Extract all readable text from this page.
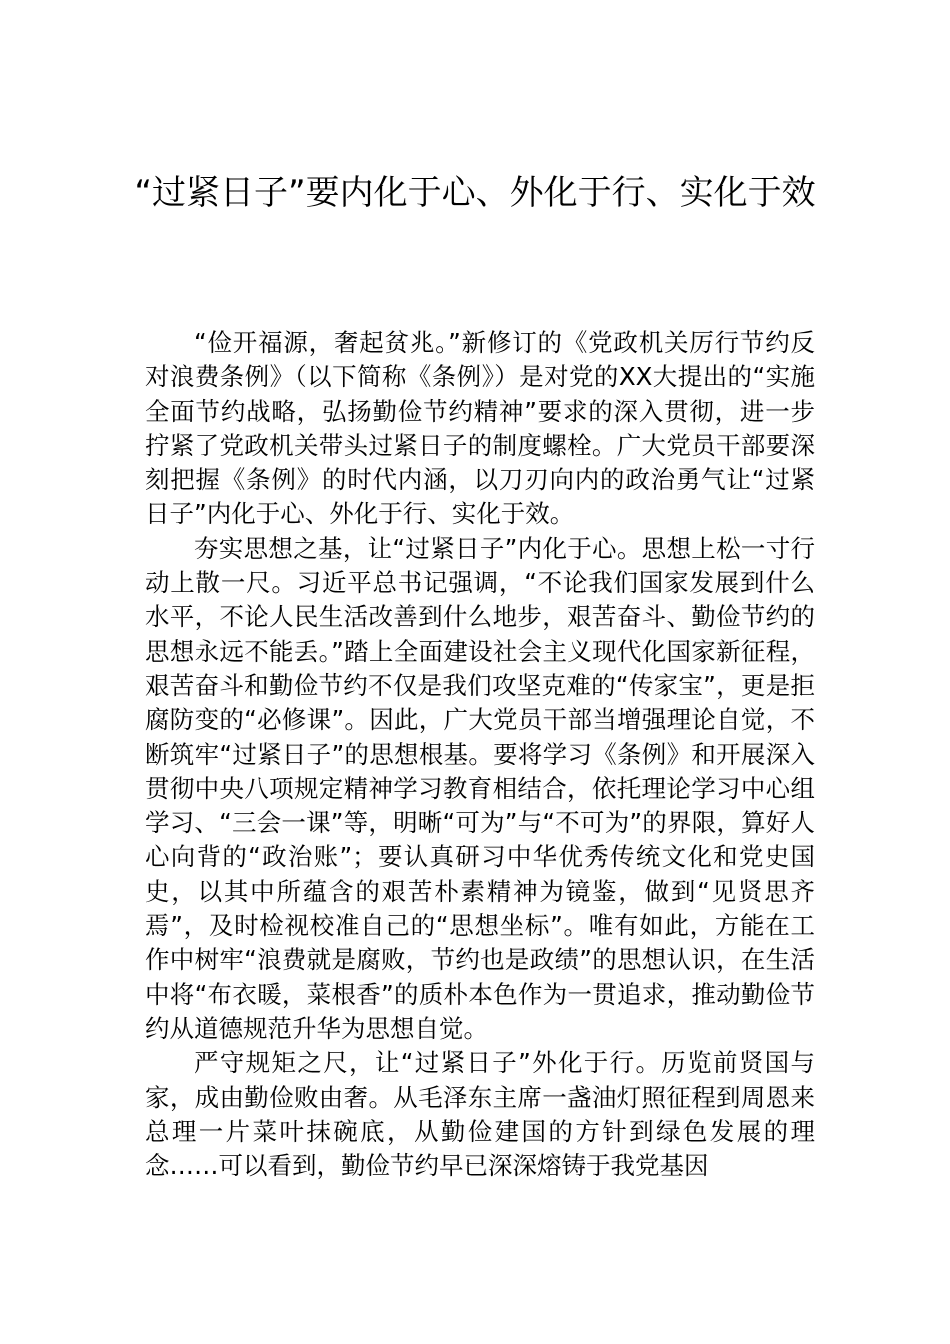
“过紧日子”要内化于心、外化于行、实化于效

“俭开福源，奢起贫兆。”新修订的《党政机关厉行节约反对浪费条例》（以下简称《条例》）是对党的XX大提出的“实施全面节约战略，弘扬勤俭节约精神”要求的深入贯彻，进一步拧紧了党政机关带头过紧日子的制度螺栓。广大党员干部要深刻把握《条例》的时代内涵，以刀刃向内的政治勇气让“过紧日子”内化于心、外化于行、实化于效。

夯实思想之基，让“过紧日子”内化于心。思想上松一寸行动上散一尺。习近平总书记强调，“不论我们国家发展到什么水平，不论人民生活改善到什么地步，艰苦奋斗、勤俭节约的思想永远不能丢。”踏上全面建设社会主义现代化国家新征程，艰苦奋斗和勤俭节约不仅是我们攻坚克难的“传家宝”，更是拒腐防变的“必修课”。因此，广大党员干部当增强理论自觉，不断筑牢“过紧日子”的思想根基。要将学习《条例》和开展深入贯彻中央八项规定精神学习教育相结合，依托理论学习中心组学习、“三会一课”等，明晰“可为”与“不可为”的界限，算好人心向背的“政治账”；要认真研习中华优秀传统文化和党史国史，以其中所蕴含的艰苦朴素精神为镜鉴，做到“见贤思齐焉”，及时检视校准自己的“思想坐标”。唯有如此，方能在工作中树牢“浪费就是腐败，节约也是政绩”的思想认识，在生活中将“布衣暖，菜根香”的质朴本色作为一贯追求，推动勤俭节约从道德规范升华为思想自觉。

严守规矩之尺，让“过紧日子”外化于行。历览前贤国与家，成由勤俭败由奢。从毛泽东主席一盏油灯照征程到周恩来总理一片菜叶抹碗底，从勤俭建国的方针到绿色发展的理念……可以看到，勤俭节约早已深深熔铸于我党基因
